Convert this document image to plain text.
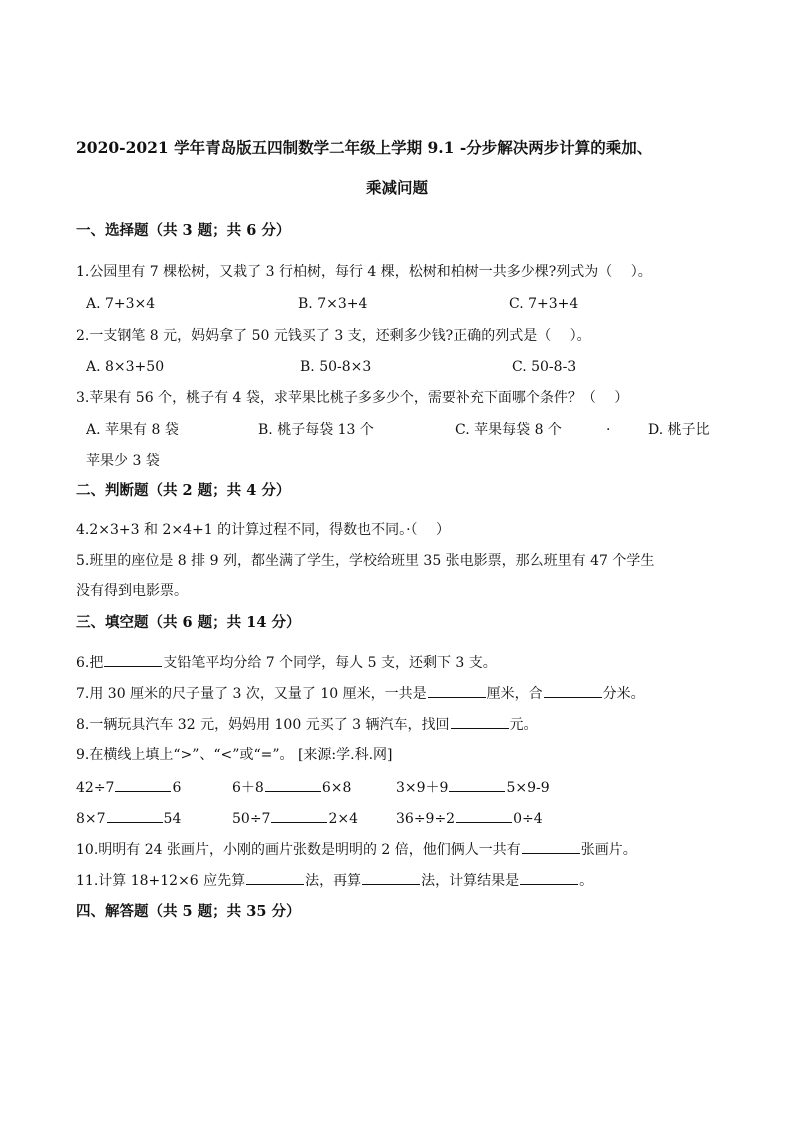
2020-2021 学年青岛版五四制数学二年级上学期 9.1 -分步解决两步计算的乘加、
乘减问题
一、选择题（共 3 题；共 6 分）
1.公园里有 7 棵松树，又栽了 3 行柏树，每行 4 棵，松树和柏树一共多少棵?列式为（　 ）。
A. 7+3×4	B. 7×3+4	C. 7+3+4
2.一支钢笔 8 元，妈妈拿了 50 元钱买了 3 支，还剩多少钱?正确的列式是（　 ）。
A. 8×3+50	B. 50-8×3	C. 50-8-3
3.苹果有 56 个，桃子有 4 袋，求苹果比桃子多多少个，需要补充下面哪个条件？（　 ）
A. 苹果有 8 袋	B. 桃子每袋 13 个	C. 苹果每袋 8 个	·	D. 桃子比
苹果少 3 袋
二、判断题（共 2 题；共 4 分）
4.2×3+3 和 2×4+1 的计算过程不同，得数也不同。·（　 ）
5.班里的座位是 8 排 9 列，都坐满了学生，学校给班里 35 张电影票，那么班里有 47 个学生
没有得到电影票。
三、填空题（共 6 题；共 14 分）
6.把	支铅笔平均分给 7 个同学，每人 5 支，还剩下 3 支。
7.用 30 厘米的尺子量了 3 次，又量了 10 厘米，一共是	厘米，合	分米。
8.一辆玩具汽车 32 元，妈妈用 100 元买了 3 辆汽车，找回	元。
9.在横线上填上“>”、“<”或“=”。 [来源:学.科.网]
42÷7	6	6＋8	6×8	3×9＋9	5×9-9
8×7	54	50÷7	2×4	36÷9÷2	0÷4
10.明明有 24 张画片，小刚的画片张数是明明的 2 倍，他们俩人一共有	张画片。
11.计算 18+12×6 应先算	法，再算	法，计算结果是	。
四、解答题（共 5 题；共 35 分）
